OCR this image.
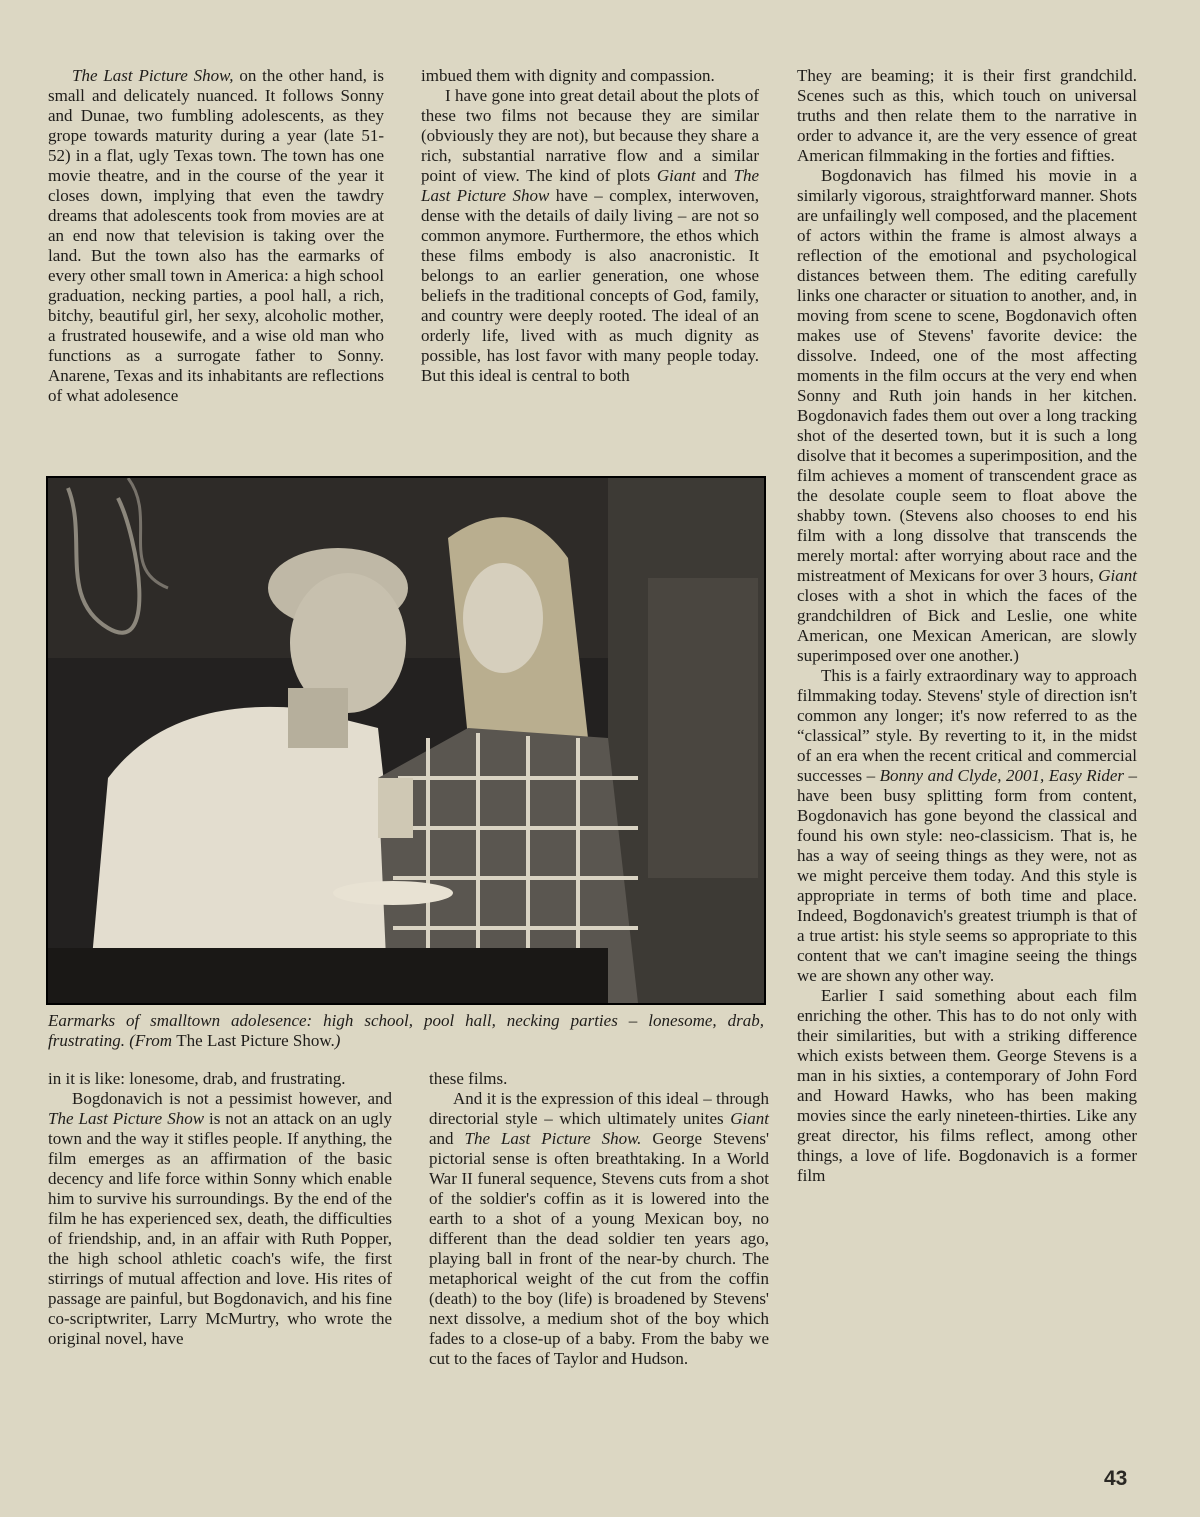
The Last Picture Show, on the other hand, is small and delicately nuanced. It follows Sonny and Dunae, two fumbling adolescents, as they grope towards maturity during a year (late 51-52) in a flat, ugly Texas town. The town has one movie theatre, and in the course of the year it closes down, implying that even the tawdry dreams that adolescents took from movies are at an end now that television is taking over the land. But the town also has the earmarks of every other small town in America: a high school graduation, necking parties, a pool hall, a rich, bitchy, beautiful girl, her sexy, alcoholic mother, a frustrated housewife, and a wise old man who functions as a surrogate father to Sonny. Anarene, Texas and its inhabitants are reflections of what adolesence

imbued them with dignity and compassion.

I have gone into great detail about the plots of these two films not because they are similar (obviously they are not), but because they share a rich, substantial narrative flow and a similar point of view. The kind of plots Giant and The Last Picture Show have – complex, interwoven, dense with the details of daily living – are not so common anymore. Furthermore, the ethos which these films embody is also anacronistic. It belongs to an earlier generation, one whose beliefs in the traditional concepts of God, family, and country were deeply rooted. The ideal of an orderly life, lived with as much dignity as possible, has lost favor with many people today. But this ideal is central to both

They are beaming; it is their first grandchild. Scenes such as this, which touch on universal truths and then relate them to the narrative in order to advance it, are the very essence of great American filmmaking in the forties and fifties.

Bogdonavich has filmed his movie in a similarly vigorous, straightforward manner. Shots are unfailingly well composed, and the placement of actors within the frame is almost always a reflection of the emotional and psychological distances between them. The editing carefully links one character or situation to another, and, in moving from scene to scene, Bogdonavich often makes use of Stevens' favorite device: the dissolve. Indeed, one of the most affecting moments in the film occurs at the very end when Sonny and Ruth join hands in her kitchen. Bogdonavich fades them out over a long tracking shot of the deserted town, but it is such a long disolve that it becomes a superimposition, and the film achieves a moment of transcendent grace as the desolate couple seem to float above the shabby town. (Stevens also chooses to end his film with a long dissolve that transcends the merely mortal: after worrying about race and the mistreatment of Mexicans for over 3 hours, Giant closes with a shot in which the faces of the grandchildren of Bick and Leslie, one white American, one Mexican American, are slowly superimposed over one another.)

This is a fairly extraordinary way to approach filmmaking today. Stevens' style of direction isn't common any longer; it's now referred to as the “classical” style. By reverting to it, in the midst of an era when the recent critical and commercial successes – Bonny and Clyde, 2001, Easy Rider – have been busy splitting form from content, Bogdonavich has gone beyond the classical and found his own style: neo-classicism. That is, he has a way of seeing things as they were, not as we might perceive them today. And this style is appropriate in terms of both time and place. Indeed, Bogdonavich's greatest triumph is that of a true artist: his style seems so appropriate to this content that we can't imagine seeing the things we are shown any other way.

Earlier I said something about each film enriching the other. This has to do not only with their similarities, but with a striking difference which exists between them. George Stevens is a man in his sixties, a contemporary of John Ford and Howard Hawks, who has been making movies since the early nineteen-thirties. Like any great director, his films reflect, among other things, a love of life. Bogdonavich is a former film

Earmarks of smalltown adolesence: high school, pool hall, necking parties – lonesome, drab, frustrating. (From The Last Picture Show.)

in it is like: lonesome, drab, and frustrating.

Bogdonavich is not a pessimist however, and The Last Picture Show is not an attack on an ugly town and the way it stifles people. If anything, the film emerges as an affirmation of the basic decency and life force within Sonny which enable him to survive his surroundings. By the end of the film he has experienced sex, death, the difficulties of friendship, and, in an affair with Ruth Popper, the high school athletic coach's wife, the first stirrings of mutual affection and love. His rites of passage are painful, but Bogdonavich, and his fine co-scriptwriter, Larry McMurtry, who wrote the original novel, have

these films.

And it is the expression of this ideal – through directorial style – which ultimately unites Giant and The Last Picture Show. George Stevens' pictorial sense is often breathtaking. In a World War II funeral sequence, Stevens cuts from a shot of the soldier's coffin as it is lowered into the earth to a shot of a young Mexican boy, no different than the dead soldier ten years ago, playing ball in front of the near-by church. The metaphorical weight of the cut from the coffin (death) to the boy (life) is broadened by Stevens' next dissolve, a medium shot of the boy which fades to a close-up of a baby. From the baby we cut to the faces of Taylor and Hudson.

43
